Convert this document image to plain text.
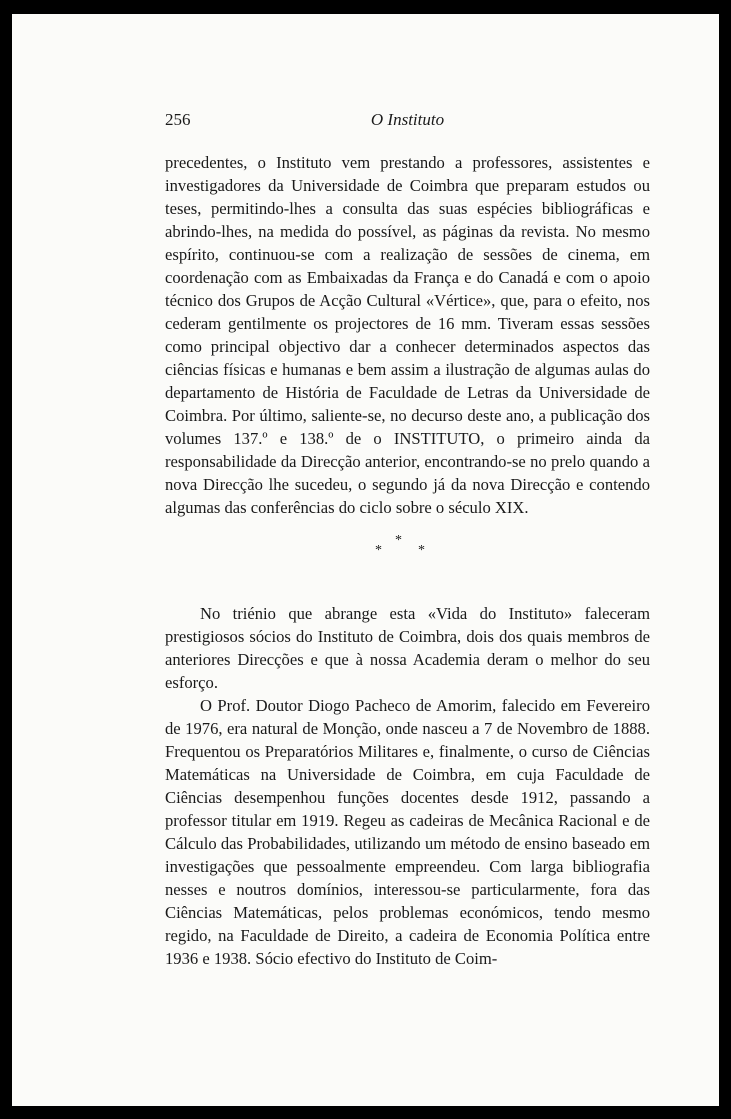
256	O Instituto

precedentes, o Instituto vem prestando a professores, assistentes e investigadores da Universidade de Coimbra que preparam estudos ou teses, permitindo-lhes a consulta das suas espécies bibliográficas e abrindo-lhes, na medida do possível, as páginas da revista. No mesmo espírito, continuou-se com a realização de sessões de cinema, em coordenação com as Embaixadas da França e do Canadá e com o apoio técnico dos Grupos de Acção Cultural «Vértice», que, para o efeito, nos cederam gentilmente os projectores de 16 mm. Tiveram essas sessões como principal objectivo dar a conhecer determinados aspectos das ciências físicas e humanas e bem assim a ilustração de algumas aulas do departamento de História de Faculdade de Letras da Universidade de Coimbra. Por último, saliente-se, no decurso deste ano, a publicação dos volumes 137.º e 138.º de o INSTITUTO, o primeiro ainda da responsabilidade da Direcção anterior, encontrando-se no prelo quando a nova Direcção lhe sucedeu, o segundo já da nova Direcção e contendo algumas das conferências do ciclo sobre o século XIX.

*
*
*

No triénio que abrange esta «Vida do Instituto» faleceram prestigiosos sócios do Instituto de Coimbra, dois dos quais membros de anteriores Direcções e que à nossa Academia deram o melhor do seu esforço.

O Prof. Doutor Diogo Pacheco de Amorim, falecido em Fevereiro de 1976, era natural de Monção, onde nasceu a 7 de Novembro de 1888. Frequentou os Preparatórios Militares e, finalmente, o curso de Ciências Matemáticas na Universidade de Coimbra, em cuja Faculdade de Ciências desempenhou funções docentes desde 1912, passando a professor titular em 1919. Regeu as cadeiras de Mecânica Racional e de Cálculo das Probabilidades, utilizando um método de ensino baseado em investigações que pessoalmente empreendeu. Com larga bibliografia nesses e noutros domínios, interessou-se particularmente, fora das Ciências Matemáticas, pelos problemas económicos, tendo mesmo regido, na Faculdade de Direito, a cadeira de Economia Política entre 1936 e 1938. Sócio efectivo do Instituto de Coim-
